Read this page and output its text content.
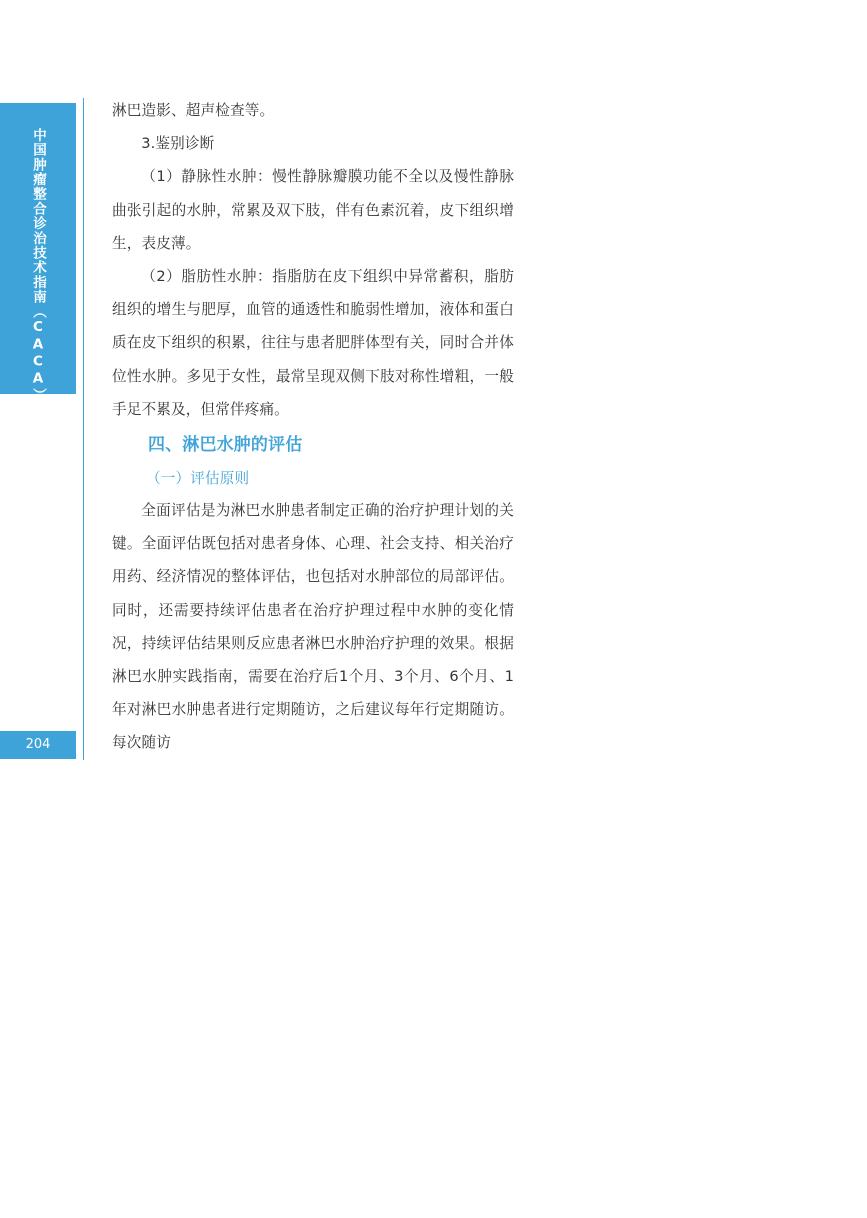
中国肿瘤整合诊治技术指南（CACA）
204

淋巴造影、超声检查等。

3.鉴别诊断

（1）静脉性水肿：慢性静脉瓣膜功能不全以及慢性静脉曲张引起的水肿，常累及双下肢，伴有色素沉着，皮下组织增生，表皮薄。

（2）脂肪性水肿：指脂肪在皮下组织中异常蓄积，脂肪组织的增生与肥厚，血管的通透性和脆弱性增加，液体和蛋白质在皮下组织的积累，往往与患者肥胖体型有关，同时合并体位性水肿。多见于女性，最常呈现双侧下肢对称性增粗，一般手足不累及，但常伴疼痛。

四、淋巴水肿的评估
（一）评估原则

全面评估是为淋巴水肿患者制定正确的治疗护理计划的关键。全面评估既包括对患者身体、心理、社会支持、相关治疗用药、经济情况的整体评估，也包括对水肿部位的局部评估。同时，还需要持续评估患者在治疗护理过程中水肿的变化情况，持续评估结果则反应患者淋巴水肿治疗护理的效果。根据淋巴水肿实践指南，需要在治疗后1个月、3个月、6个月、1年对淋巴水肿患者进行定期随访，之后建议每年行定期随访。每次随访
